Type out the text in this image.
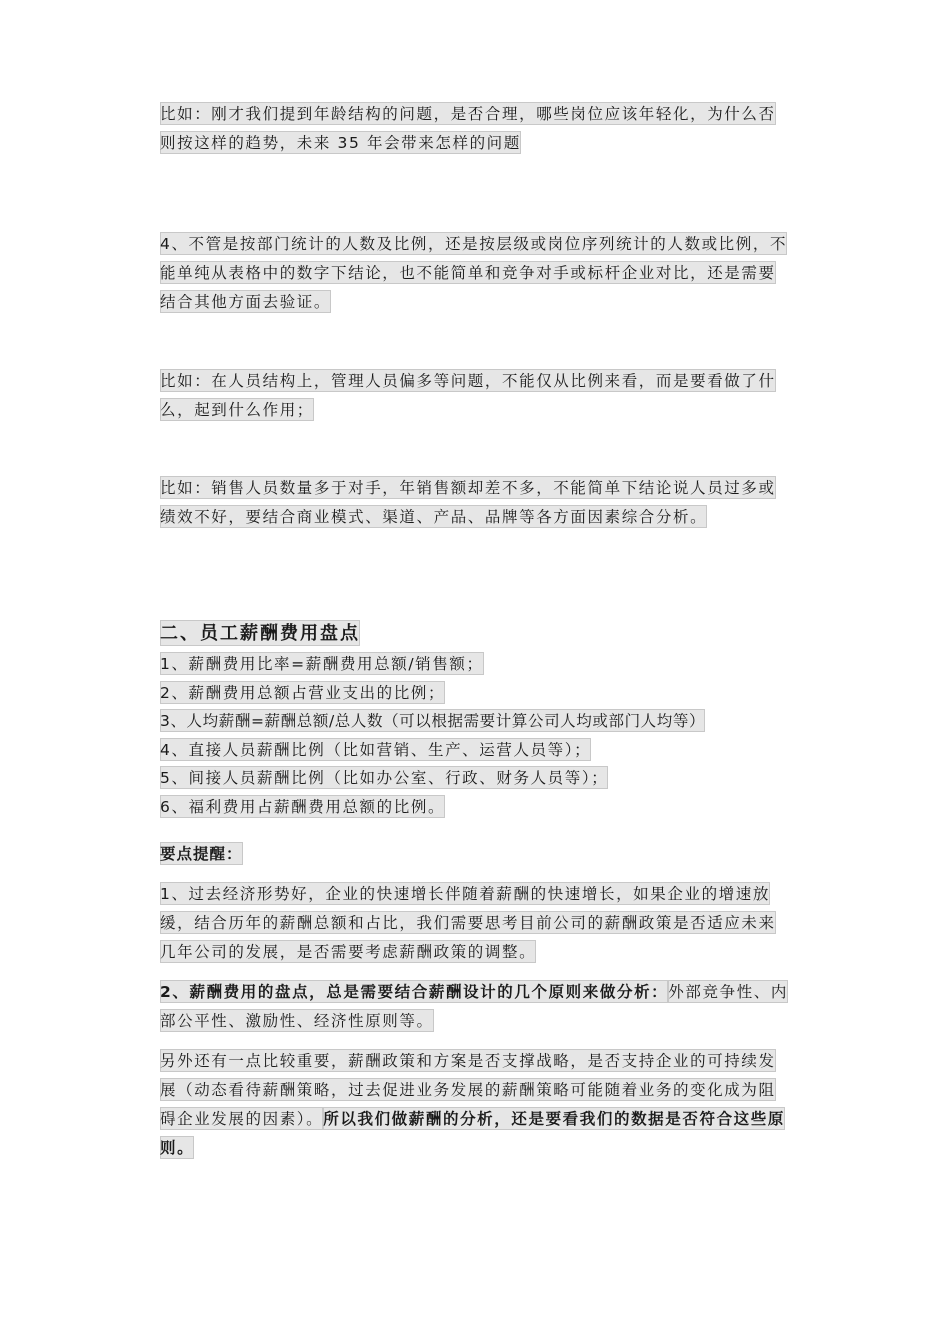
比如：刚才我们提到年龄结构的问题，是否合理，哪些岗位应该年轻化，为什么否则按这样的趋势，未来 35 年会带来怎样的问题

4、不管是按部门统计的人数及比例，还是按层级或岗位序列统计的人数或比例，不能单纯从表格中的数字下结论，也不能简单和竞争对手或标杆企业对比，还是需要结合其他方面去验证。

比如：在人员结构上，管理人员偏多等问题，不能仅从比例来看，而是要看做了什么，起到什么作用；

比如：销售人员数量多于对手，年销售额却差不多，不能简单下结论说人员过多或绩效不好，要结合商业模式、渠道、产品、品牌等各方面因素综合分析。

二、员工薪酬费用盘点
1、薪酬费用比率=薪酬费用总额/销售额；
2、薪酬费用总额占营业支出的比例；
3、人均薪酬=薪酬总额/总人数（可以根据需要计算公司人均或部门人均等）
4、直接人员薪酬比例（比如营销、生产、运营人员等）；
5、间接人员薪酬比例（比如办公室、行政、财务人员等）；
6、福利费用占薪酬费用总额的比例。

要点提醒：

1、过去经济形势好，企业的快速增长伴随着薪酬的快速增长，如果企业的增速放缓，结合历年的薪酬总额和占比，我们需要思考目前公司的薪酬政策是否适应未来几年公司的发展，是否需要考虑薪酬政策的调整。

2、薪酬费用的盘点，总是需要结合薪酬设计的几个原则来做分析：外部竞争性、内部公平性、激励性、经济性原则等。

另外还有一点比较重要，薪酬政策和方案是否支撑战略，是否支持企业的可持续发展（动态看待薪酬策略，过去促进业务发展的薪酬策略可能随着业务的变化成为阻碍企业发展的因素）。所以我们做薪酬的分析，还是要看我们的数据是否符合这些原则。
